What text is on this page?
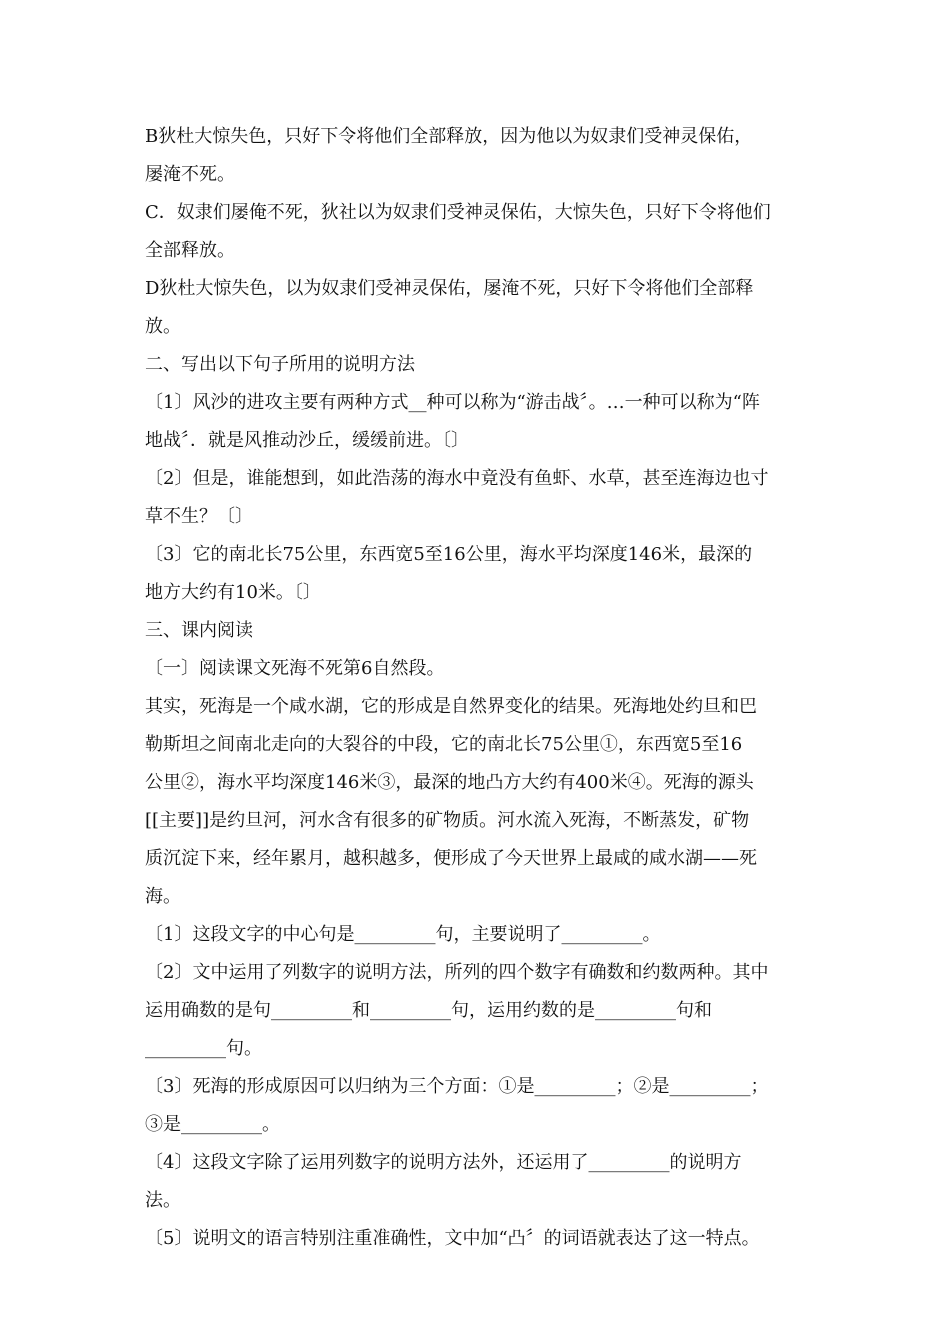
B狄杜大惊失色，只好下令将他们全部释放，因为他以为奴隶们受神灵保佑，
屡淹不死。
C．奴隶们屡俺不死，狄社以为奴隶们受神灵保佑，大惊失色，只好下令将他们
全部释放。
D狄杜大惊失色，以为奴隶们受神灵保佑，屡淹不死，只好下令将他们全部释
放。
二、写出以下句子所用的说明方法
〔1〕风沙的进攻主要有两种方式__种可以称为“游击战〞。…一种可以称为“阵
地战〞．就是风推动沙丘，缓缓前进。〔〕
〔2〕但是，谁能想到，如此浩荡的海水中竟没有鱼虾、水草，甚至连海边也寸
草不生？〔〕
〔3〕它的南北长75公里，东西宽5至16公里，海水平均深度146米，最深的
地方大约有10米。〔〕
三、课内阅读
〔一〕阅读课文死海不死第6自然段。
其实，死海是一个咸水湖，它的形成是自然界变化的结果。死海地处约旦和巴
勒斯坦之间南北走向的大裂谷的中段，它的南北长75公里①，东西宽5至16
公里②，海水平均深度146米③，最深的地凸方大约有400米④。死海的源头
[[主要]]是约旦河，河水含有很多的矿物质。河水流入死海，不断蒸发，矿物
质沉淀下来，经年累月，越积越多，便形成了今天世界上最咸的咸水湖——死
海。
〔1〕这段文字的中心句是_________句，主要说明了_________。
〔2〕文中运用了列数字的说明方法，所列的四个数字有确数和约数两种。其中
运用确数的是句_________和_________句，运用约数的是_________句和
_________句。
〔3〕死海的形成原因可以归纳为三个方面：①是_________；②是_________；
③是_________。
〔4〕这段文字除了运用列数字的说明方法外，还运用了_________的说明方
法。
〔5〕说明文的语言特别注重准确性，文中加“凸〞的词语就表达了这一特点。
